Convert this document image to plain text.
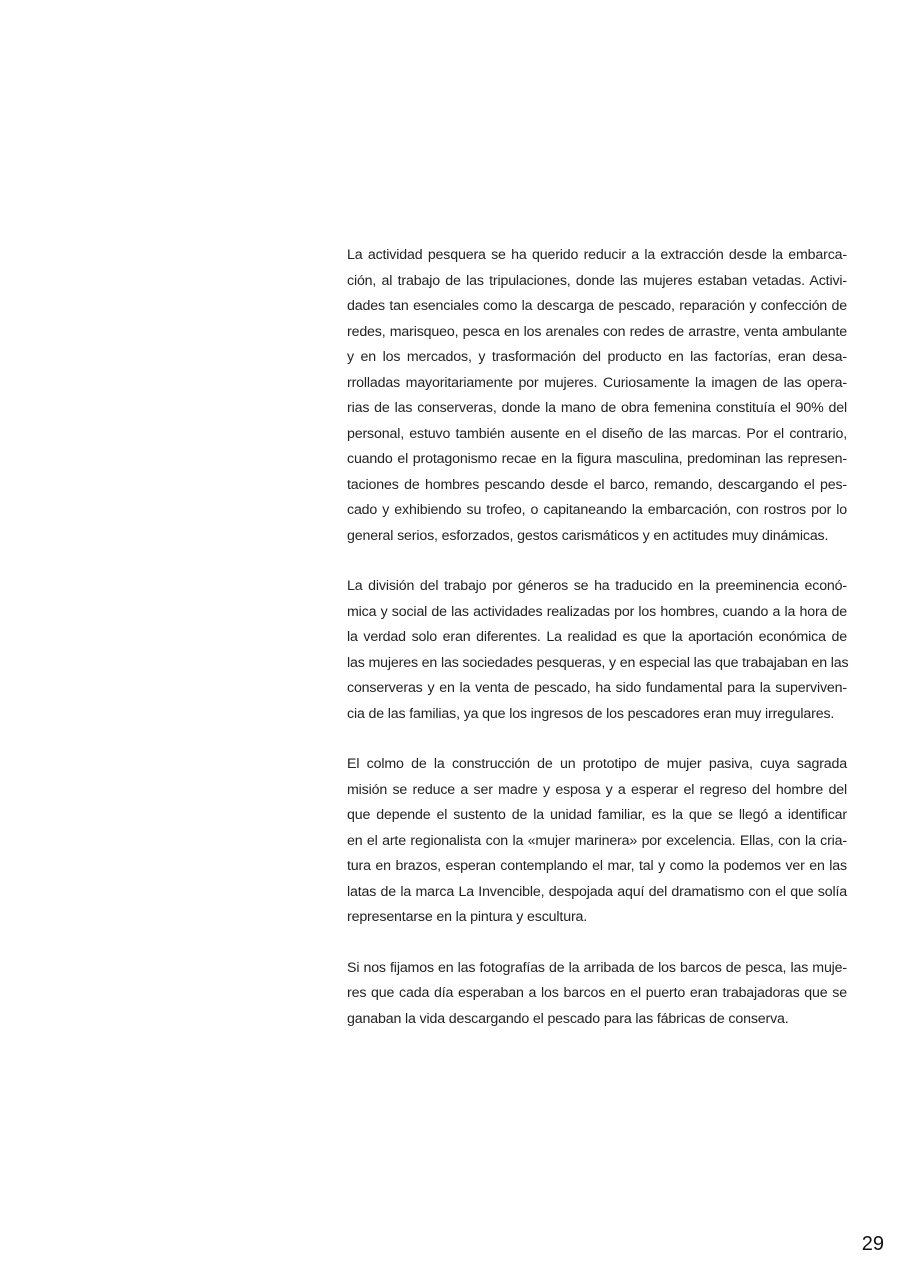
La actividad pesquera se ha querido reducir a la extracción desde la embarca-
ción, al trabajo de las tripulaciones, donde las mujeres estaban vetadas. Activi-
dades tan esenciales como la descarga de pescado, reparación y confección de
redes, marisqueo, pesca en los arenales con redes de arrastre, venta ambulante
y en los mercados, y trasformación del producto en las factorías, eran desa-
rrolladas mayoritariamente por mujeres. Curiosamente la imagen de las opera-
rias de las conserveras, donde la mano de obra femenina constituía el 90% del
personal, estuvo también ausente en el diseño de las marcas. Por el contrario,
cuando el protagonismo recae en la figura masculina, predominan las represen-
taciones de hombres pescando desde el barco, remando, descargando el pes-
cado y exhibiendo su trofeo, o capitaneando la embarcación, con rostros por lo
general serios, esforzados, gestos carismáticos y en actitudes muy dinámicas.

La división del trabajo por géneros se ha traducido en la preeminencia econó-
mica y social de las actividades realizadas por los hombres, cuando a la hora de
la verdad solo eran diferentes. La realidad es que la aportación económica de
las mujeres en las sociedades pesqueras, y en especial las que trabajaban en las
conserveras y en la venta de pescado, ha sido fundamental para la superviven-
cia de las familias, ya que los ingresos de los pescadores eran muy irregulares.

El colmo de la construcción de un prototipo de mujer pasiva, cuya sagrada
misión se reduce a ser madre y esposa y a esperar el regreso del hombre del
que depende el sustento de la unidad familiar, es la que se llegó a identificar
en el arte regionalista con la «mujer marinera» por excelencia. Ellas, con la cria-
tura en brazos, esperan contemplando el mar, tal y como la podemos ver en las
latas de la marca La Invencible, despojada aquí del dramatismo con el que solía
representarse en la pintura y escultura.

Si nos fijamos en las fotografías de la arribada de los barcos de pesca, las muje-
res que cada día esperaban a los barcos en el puerto eran trabajadoras que se
ganaban la vida descargando el pescado para las fábricas de conserva.

29
